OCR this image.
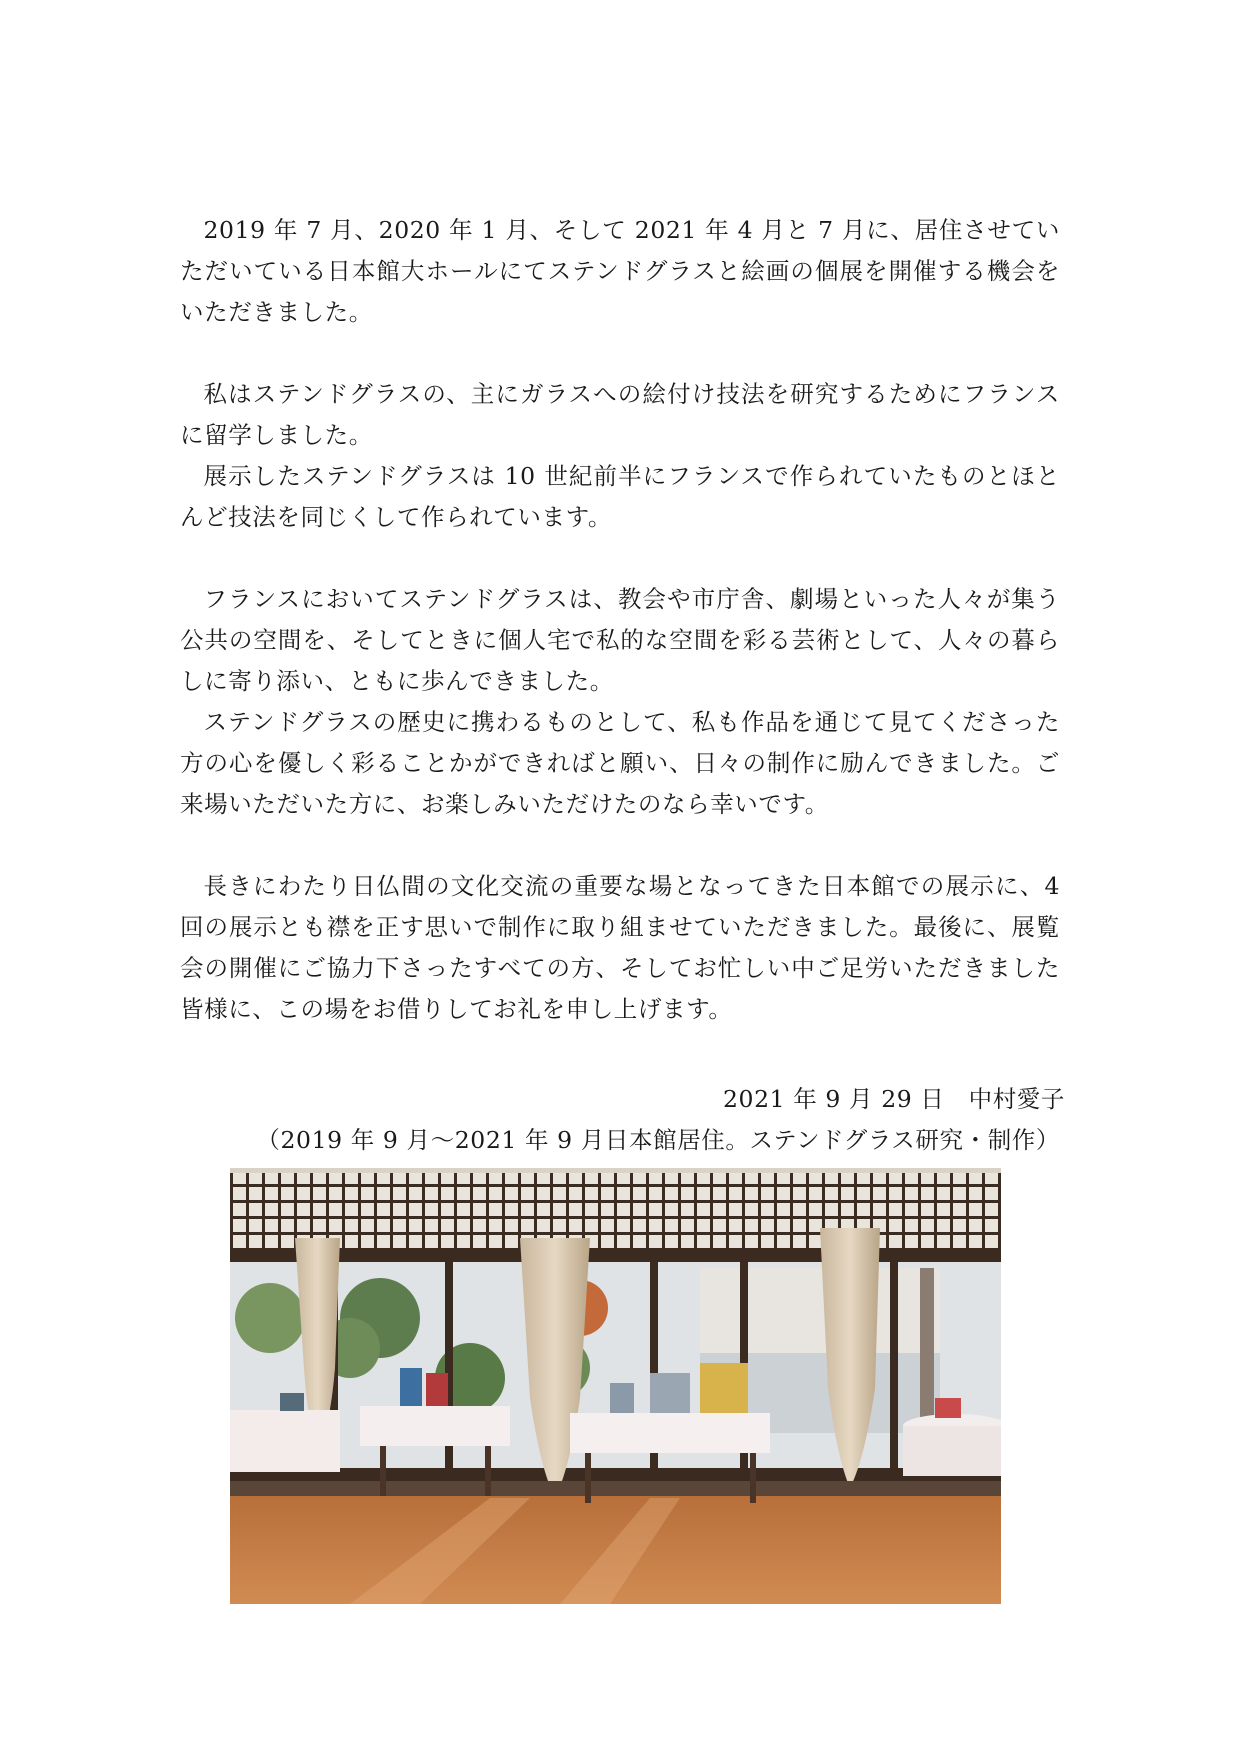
2019 年 7 月、2020 年 1 月、そして 2021 年 4 月と 7 月に、居住させていただいている日本館大ホールにてステンドグラスと絵画の個展を開催する機会をいただきました。

私はステンドグラスの、主にガラスへの絵付け技法を研究するためにフランスに留学しました。

展示したステンドグラスは 10 世紀前半にフランスで作られていたものとほとんど技法を同じくして作られています。

フランスにおいてステンドグラスは、教会や市庁舎、劇場といった人々が集う公共の空間を、そしてときに個人宅で私的な空間を彩る芸術として、人々の暮らしに寄り添い、ともに歩んできました。

ステンドグラスの歴史に携わるものとして、私も作品を通じて見てくださった方の心を優しく彩ることかができればと願い、日々の制作に励んできました。ご来場いただいた方に、お楽しみいただけたのなら幸いです。

長きにわたり日仏間の文化交流の重要な場となってきた日本館での展示に、4 回の展示とも襟を正す思いで制作に取り組ませていただきました。最後に、展覧会の開催にご協力下さったすべての方、そしてお忙しい中ご足労いただきました皆様に、この場をお借りしてお礼を申し上げます。

2021 年 9 月 29 日　 中村愛子
（2019 年 9 月～2021 年 9 月日本館居住。ステンドグラス研究・制作）
